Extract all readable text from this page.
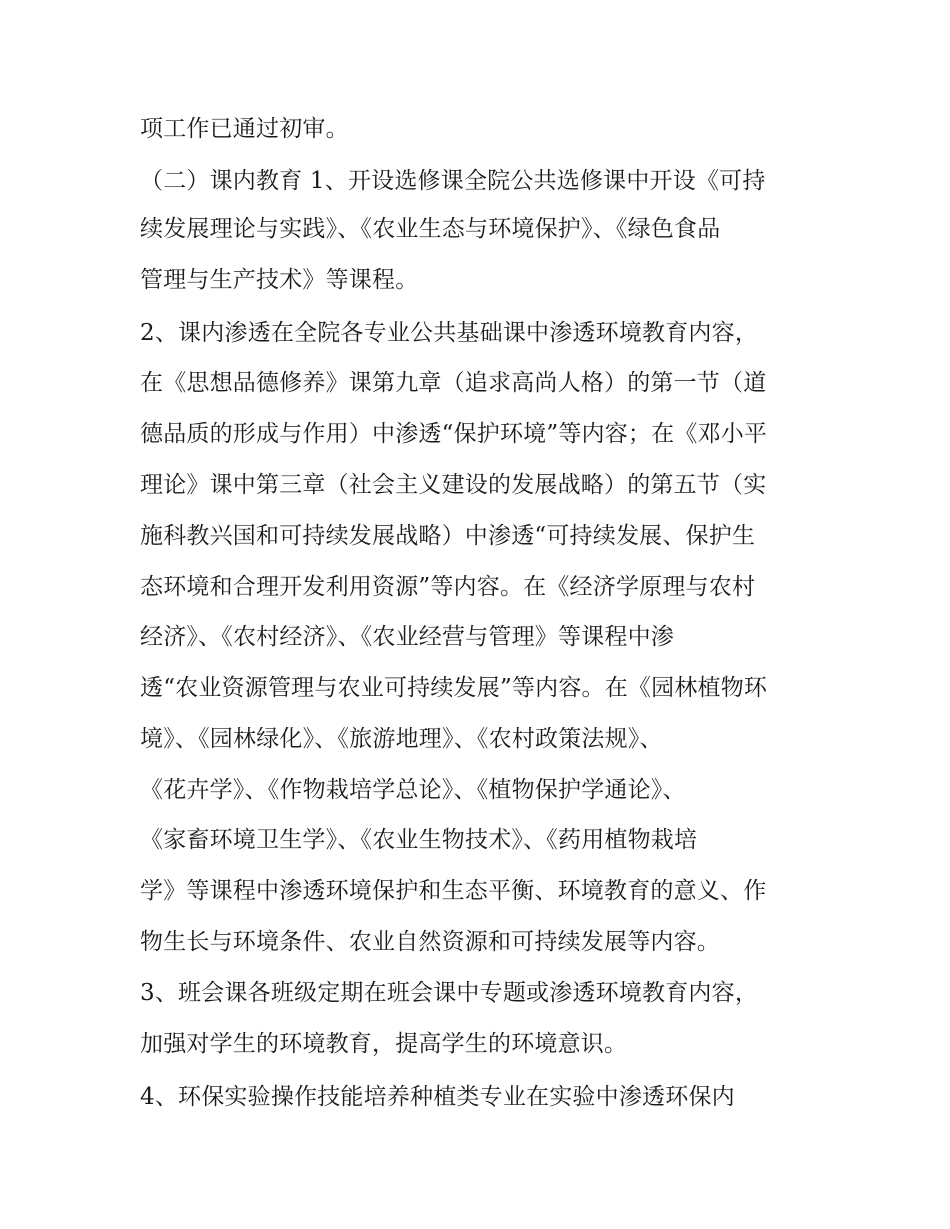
项工作已通过初审。
（二）课内教育 1、开设选修课全院公共选修课中开设《可持
续发展理论与实践》、《农业生态与环境保护》、《绿色食品
管理与生产技术》等课程。
2、课内渗透在全院各专业公共基础课中渗透环境教育内容，
在《思想品德修养》课第九章（追求高尚人格）的第一节（道
德品质的形成与作用）中渗透“保护环境”等内容；在《邓小平
理论》课中第三章（社会主义建设的发展战略）的第五节（实
施科教兴国和可持续发展战略）中渗透“可持续发展、保护生
态环境和合理开发利用资源”等内容。在《经济学原理与农村
经济》、《农村经济》、《农业经营与管理》等课程中渗
透“农业资源管理与农业可持续发展”等内容。在《园林植物环
境》、《园林绿化》、《旅游地理》、《农村政策法规》、
《花卉学》、《作物栽培学总论》、《植物保护学通论》、
《家畜环境卫生学》、《农业生物技术》、《药用植物栽培
学》等课程中渗透环境保护和生态平衡、环境教育的意义、作
物生长与环境条件、农业自然资源和可持续发展等内容。
3、班会课各班级定期在班会课中专题或渗透环境教育内容，
加强对学生的环境教育，提高学生的环境意识。
4、环保实验操作技能培养种植类专业在实验中渗透环保内
